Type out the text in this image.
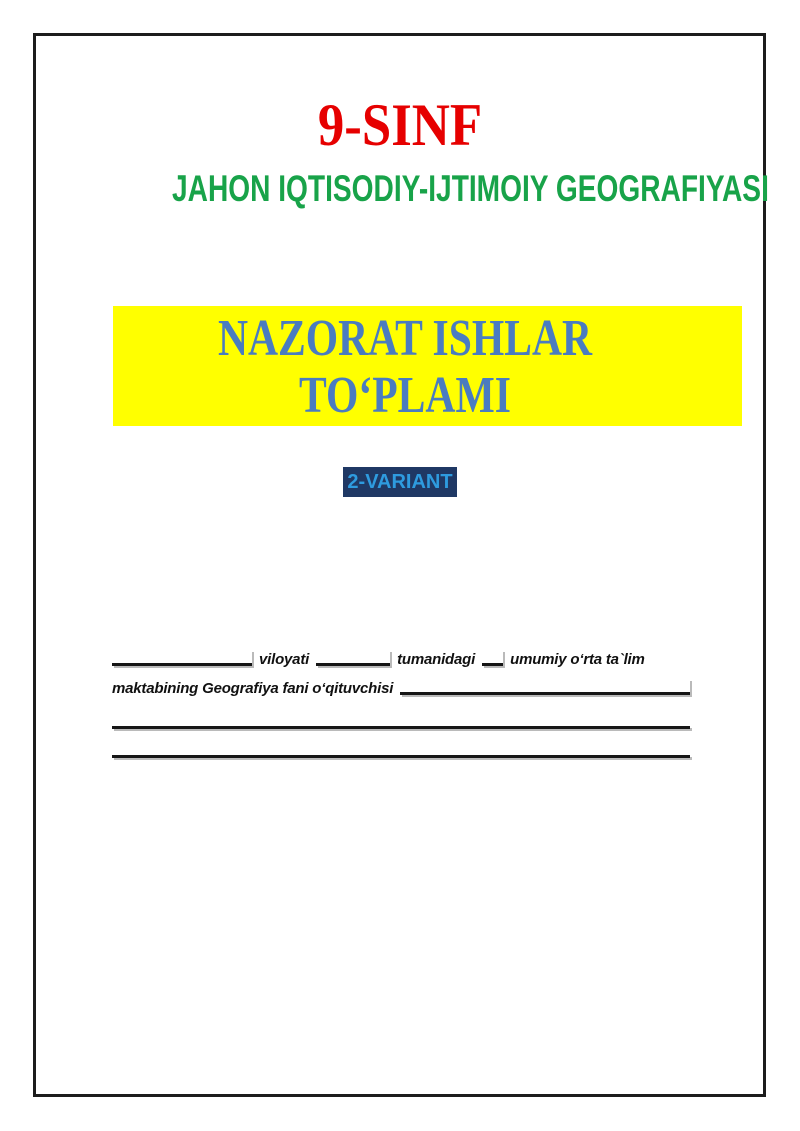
9-SINF
JAHON IQTISODIY-IJTIMOIY GEOGRAFIYASI
NAZORAT ISHLAR
TO‘PLAMI
2-VARIANT
viloyati	tumanidagi umumiy o‘rta ta`lim
maktabining Geografiya fani o‘qituvchisi
